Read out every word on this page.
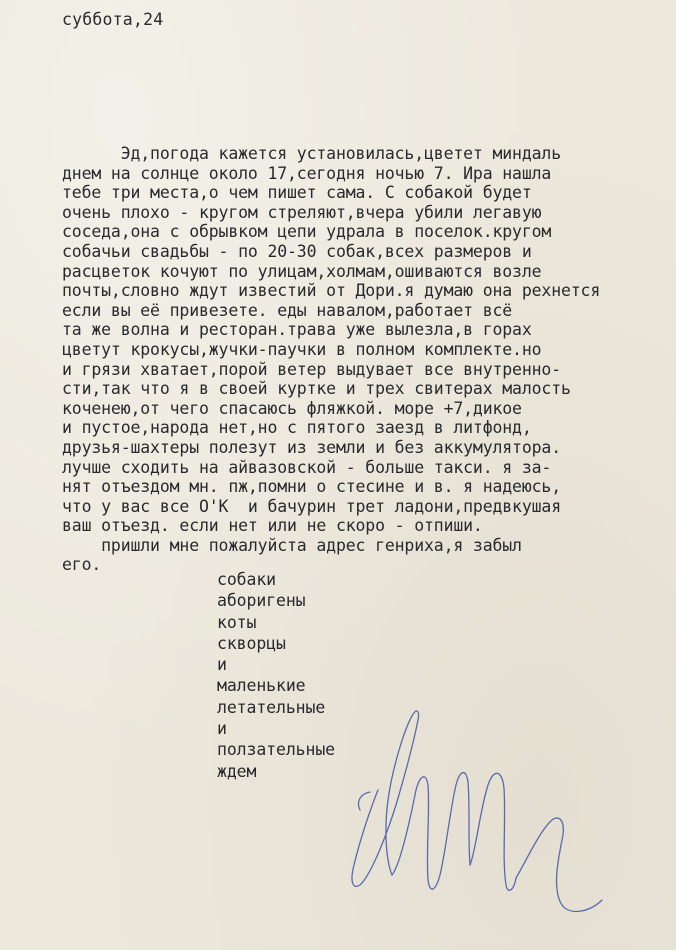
суббота,24
Эд,погода кажется установилась,цветет миндаль
днем на солнце около 17,сегодня ночью 7. Ира нашла
тебе три места,о чем пишет сама. С собакой будет
очень плохо - кругом стреляют,вчера убили легавую
соседа,она с обрывком цепи удрала в поселок.кругом
собачьи свадьбы - по 20-30 собак,всех размеров и
расцветок кочуют по улицам,холмам,ошиваются возле
почты,словно ждут известий от Дори.я думаю она рехнется
если вы её привезете. еды навалом,работает всё
та же волна и ресторан.трава уже вылезла,в горах
цветут крокусы,жучки-паучки в полном комплекте.но
и грязи хватает,порой ветер выдувает все внутренно-
сти,так что я в своей куртке и трех свитерах малость
коченею,от чего спасаюсь фляжкой. море +7,дикое
и пустое,народа нет,но с пятого заезд в литфонд,
друзья-шахтеры полезут из земли и без аккумулятора.
лучше сходить на айвазовской - больше такси. я за-
нят отъездом мн. пж,помни о стесине и в. я надеюсь,
что у вас все О'К  и бачурин трет ладони,предвкушая
ваш отъезд. если нет или не скоро - отпиши.
пришли мне пожалуйста адрес генриха,я забыл
его.
собаки
аборигены
коты
скворцы
и
маленькие
летательные
и
ползательные
ждем
